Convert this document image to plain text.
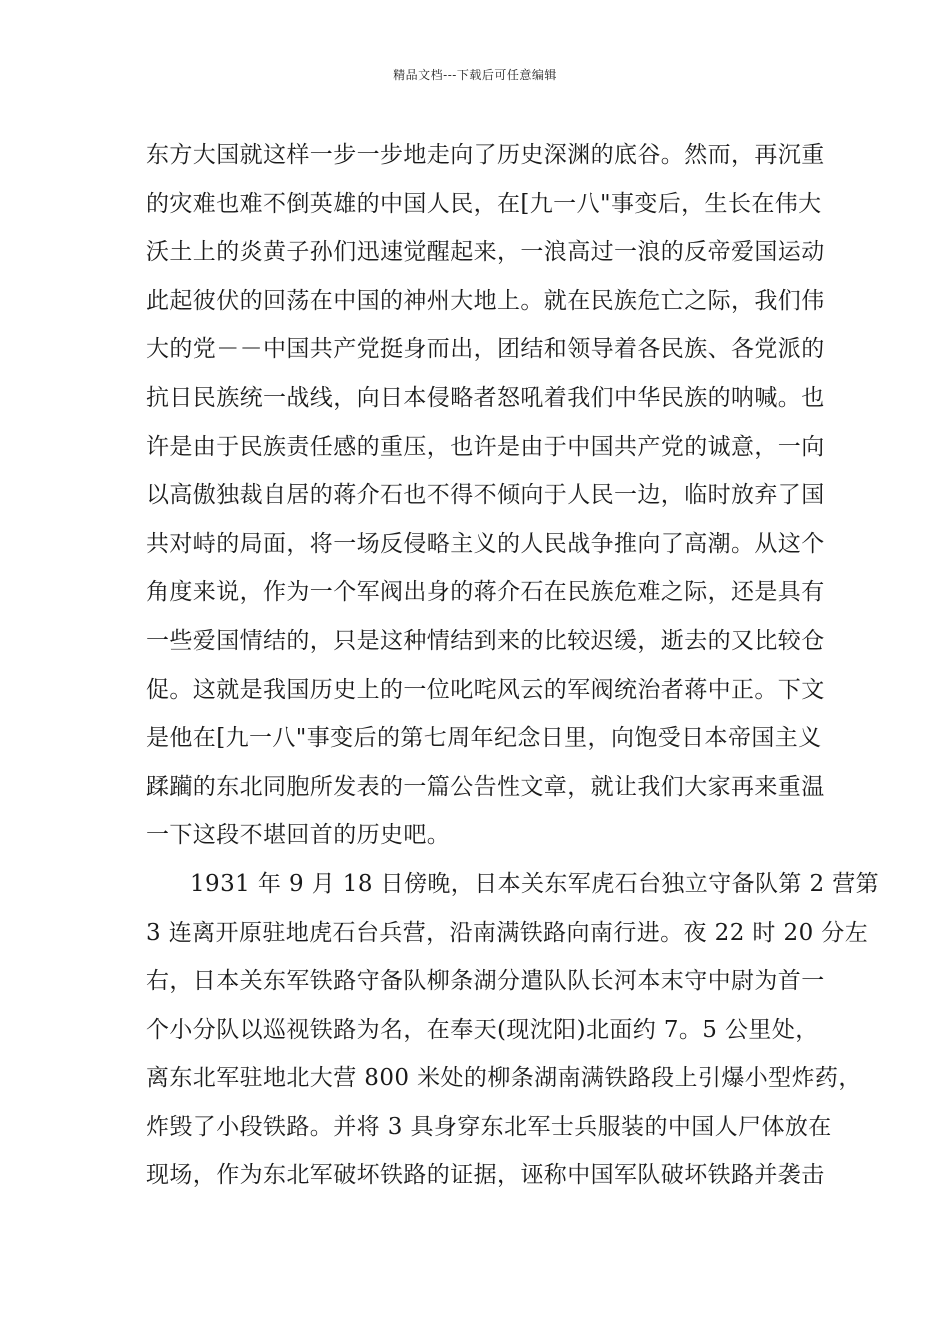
精品文档---下载后可任意编辑
东方大国就这样一步一步地走向了历史深渊的底谷。然而，再沉重
的灾难也难不倒英雄的中国人民，在[九一八"事变后，生长在伟大
沃土上的炎黄子孙们迅速觉醒起来，一浪高过一浪的反帝爱国运动
此起彼伏的回荡在中国的神州大地上。就在民族危亡之际，我们伟
大的党－－中国共产党挺身而出，团结和领导着各民族、各党派的
抗日民族统一战线，向日本侵略者怒吼着我们中华民族的呐喊。也
许是由于民族责任感的重压，也许是由于中国共产党的诚意，一向
以高傲独裁自居的蒋介石也不得不倾向于人民一边，临时放弃了国
共对峙的局面，将一场反侵略主义的人民战争推向了高潮。从这个
角度来说，作为一个军阀出身的蒋介石在民族危难之际，还是具有
一些爱国情结的，只是这种情结到来的比较迟缓，逝去的又比较仓
促。这就是我国历史上的一位叱咤风云的军阀统治者蒋中正。下文
是他在[九一八"事变后的第七周年纪念日里，向饱受日本帝国主义
蹂躏的东北同胞所发表的一篇公告性文章，就让我们大家再来重温
一下这段不堪回首的历史吧。
1931 年 9 月 18 日傍晚，日本关东军虎石台独立守备队第 2 营第
3 连离开原驻地虎石台兵营，沿南满铁路向南行进。夜 22 时 20 分左
右，日本关东军铁路守备队柳条湖分遣队队长河本末守中尉为首一
个小分队以巡视铁路为名，在奉天(现沈阳)北面约 7。5 公里处，
离东北军驻地北大营 800 米处的柳条湖南满铁路段上引爆小型炸药，
炸毁了小段铁路。并将 3 具身穿东北军士兵服装的中国人尸体放在
现场，作为东北军破坏铁路的证据，诬称中国军队破坏铁路并袭击
